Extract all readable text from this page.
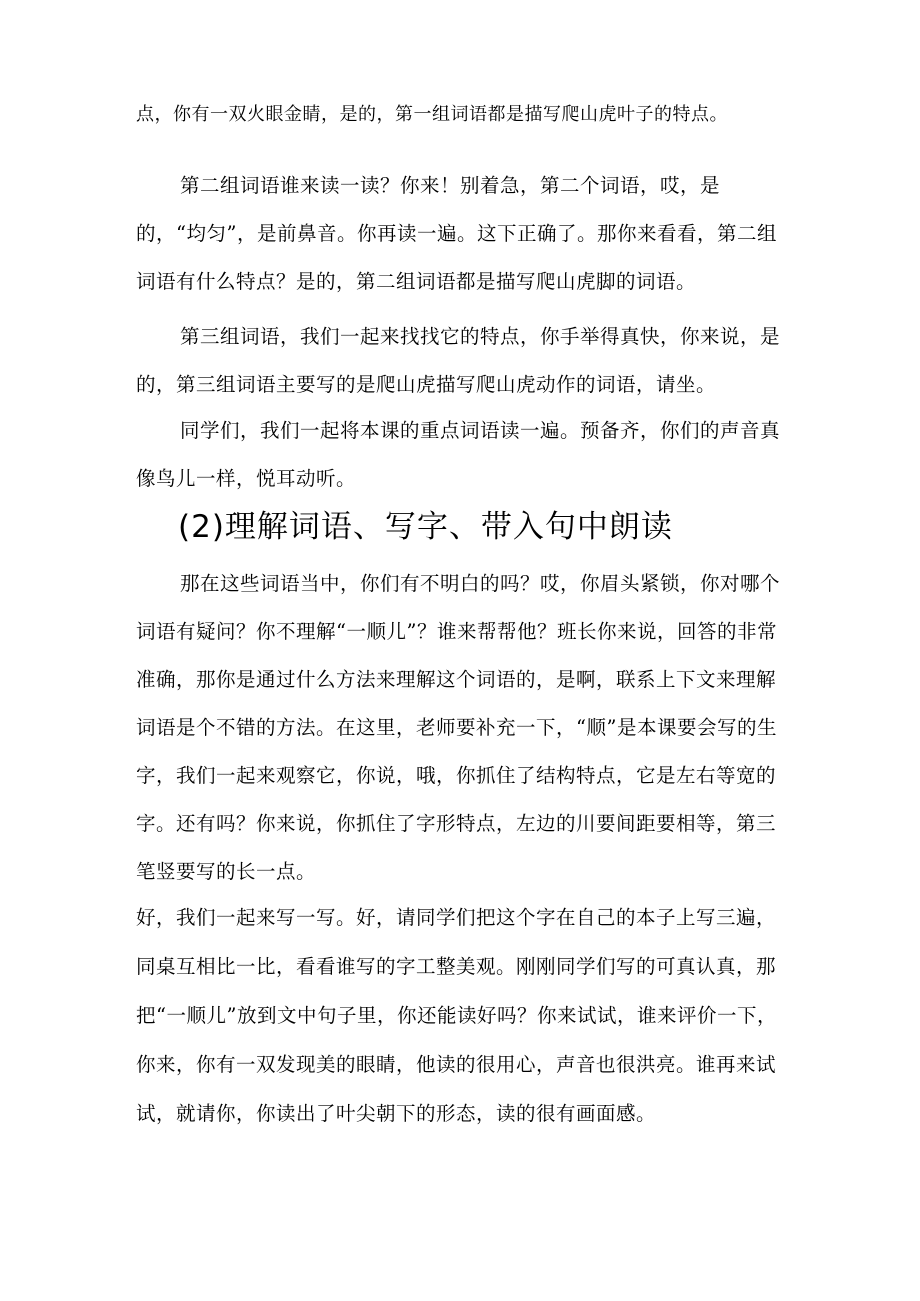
点，你有一双火眼金睛，是的，第一组词语都是描写爬山虎叶子的特点。

第二组词语谁来读一读？你来！别着急，第二个词语，哎，是的，“均匀”，是前鼻音。你再读一遍。这下正确了。那你来看看，第二组词语有什么特点？是的，第二组词语都是描写爬山虎脚的词语。

第三组词语，我们一起来找找它的特点，你手举得真快，你来说，是的，第三组词语主要写的是爬山虎描写爬山虎动作的词语，请坐。

同学们，我们一起将本课的重点词语读一遍。预备齐，你们的声音真像鸟儿一样，悦耳动听。

(2)理解词语、写字、带入句中朗读

那在这些词语当中，你们有不明白的吗？哎，你眉头紧锁，你对哪个词语有疑问？你不理解“一顺儿”？谁来帮帮他？班长你来说，回答的非常准确，那你是通过什么方法来理解这个词语的，是啊，联系上下文来理解词语是个不错的方法。在这里，老师要补充一下，“顺”是本课要会写的生字，我们一起来观察它，你说，哦，你抓住了结构特点，它是左右等宽的字。还有吗？你来说，你抓住了字形特点，左边的川要间距要相等，第三笔竖要写的长一点。

好，我们一起来写一写。好，请同学们把这个字在自己的本子上写三遍，同桌互相比一比，看看谁写的字工整美观。刚刚同学们写的可真认真，那把“一顺儿”放到文中句子里，你还能读好吗？你来试试，谁来评价一下，你来，你有一双发现美的眼睛，他读的很用心，声音也很洪亮。谁再来试试，就请你，你读出了叶尖朝下的形态，读的很有画面感。
